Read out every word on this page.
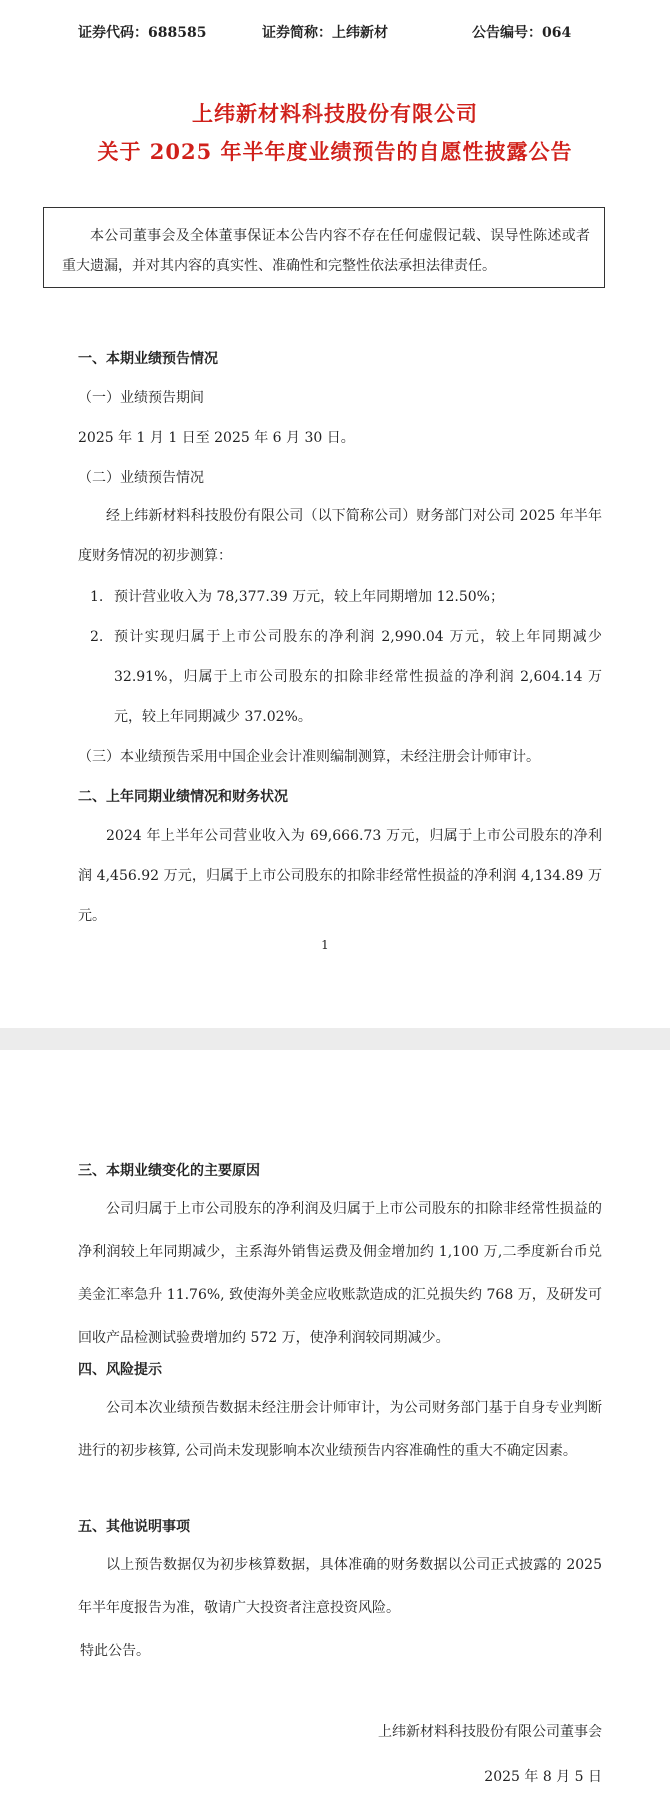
证券代码：688585	证券简称：上纬新材	公告编号：064
上纬新材料科技股份有限公司
关于 2025 年半年度业绩预告的自愿性披露公告

本公司董事会及全体董事保证本公告内容不存在任何虚假记载、误导性陈述或者重大遗漏，并对其内容的真实性、准确性和完整性依法承担法律责任。

一、本期业绩预告情况
（一）业绩预告期间
2025 年 1 月 1 日至 2025 年 6 月 30 日。
（二）业绩预告情况

经上纬新材料科技股份有限公司（以下简称公司）财务部门对公司 2025 年半年度财务情况的初步测算：

1. 预计营业收入为 78,377.39 万元，较上年同期增加 12.50%；
2. 预计实现归属于上市公司股东的净利润 2,990.04 万元，较上年同期减少 32.91%，归属于上市公司股东的扣除非经常性损益的净利润 2,604.14 万元，较上年同期减少 37.02%。
（三）本业绩预告采用中国企业会计准则编制测算，未经注册会计师审计。
二、上年同期业绩情况和财务状况

2024 年上半年公司营业收入为 69,666.73 万元，归属于上市公司股东的净利润 4,456.92 万元，归属于上市公司股东的扣除非经常性损益的净利润 4,134.89 万元。

1
三、本期业绩变化的主要原因

公司归属于上市公司股东的净利润及归属于上市公司股东的扣除非经常性损益的净利润较上年同期减少，主系海外销售运费及佣金增加约 1,100 万,二季度新台币兑美金汇率急升 11.76%, 致使海外美金应收账款造成的汇兑损失约 768 万，及研发可回收产品检测试验费增加约 572 万，使净利润较同期减少。

四、风险提示

公司本次业绩预告数据未经注册会计师审计，为公司财务部门基于自身专业判断进行的初步核算, 公司尚未发现影响本次业绩预告内容准确性的重大不确定因素。

五、其他说明事项

以上预告数据仅为初步核算数据，具体准确的财务数据以公司正式披露的 2025 年半年度报告为准，敬请广大投资者注意投资风险。

特此公告。
上纬新材料科技股份有限公司董事会
2025 年 8 月 5 日
